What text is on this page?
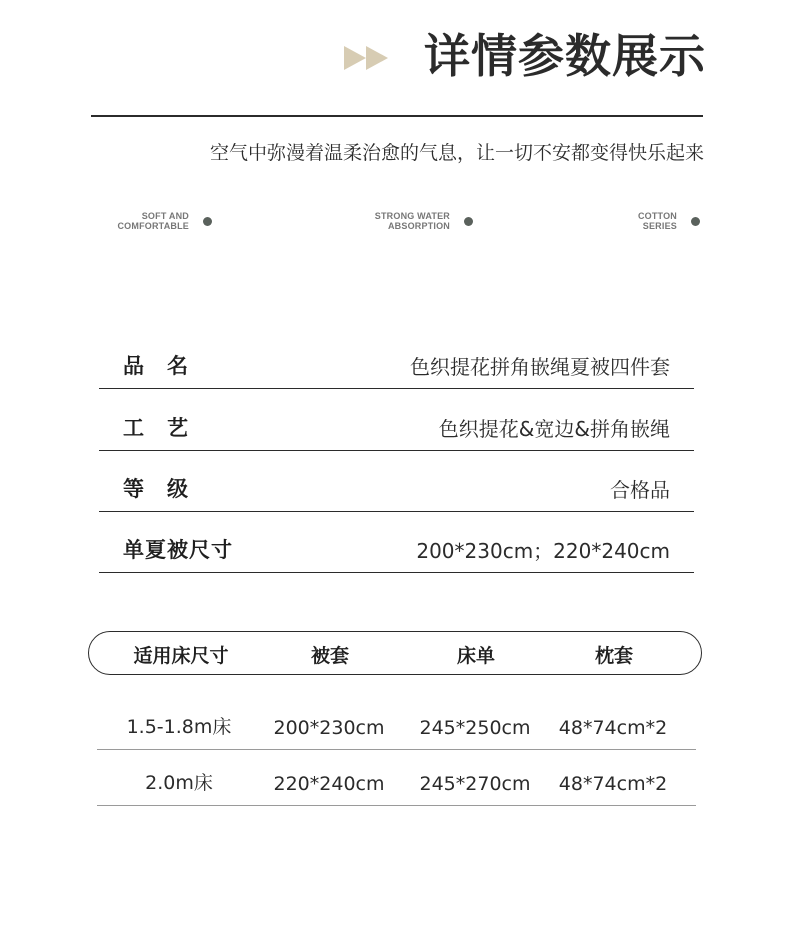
详情参数展示
空气中弥漫着温柔治愈的气息，让一切不安都变得快乐起来
SOFT AND
COMFORTABLE
STRONG WATER
ABSORPTION
COTTON
SERIES
品　名	色织提花拼角嵌绳夏被四件套
工　艺	色织提花&宽边&拼角嵌绳
等　级	合格品
单夏被尺寸	200*230cm；220*240cm
适用床尺寸	被套	床单	枕套
1.5-1.8m床 200*230cm 245*250cm 48*74cm*2
2.0m床	220*240cm 245*270cm 48*74cm*2
